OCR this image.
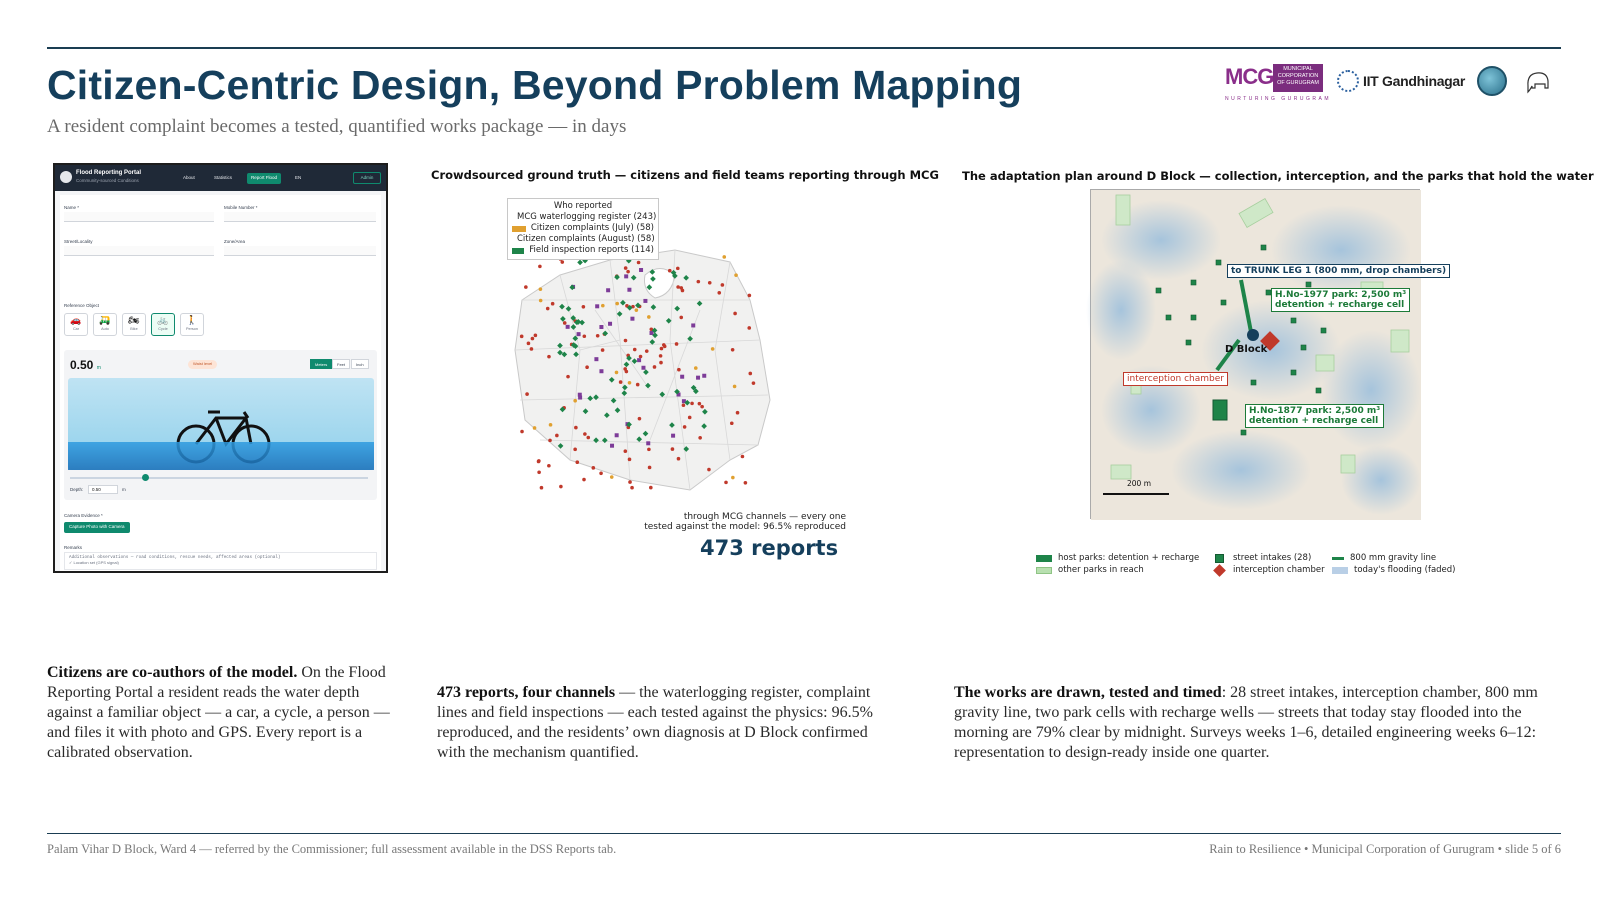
Citizen-Centric Design, Beyond Problem Mapping
A resident complaint becomes a tested, quantified works package — in days
MCG	MUNICIPAL CORPORATION OF GURUGRAM
NURTURING GURUGRAM
IIT Gandhinagar
Flood Reporting Portal
Community-sourced Conditions
About	Statistics	Report Flood	EN	Admin
Name *	Mobile Number *
Street/Locality	Zone/Area
Reference Object
🚗
Car
🛺
Auto
🏍
Bike
🚲
Cycle
🚶
Person
0.50 m
Waist level	Meters	Feet	Inch
Depth:	0.50	m
Camera Evidence *
Capture Photo with Camera
Remarks
Additional observations — road conditions, rescue needs, affected areas (optional)
✓ Location set (GPS signal)
Crowdsourced ground truth — citizens and field teams reporting through MCG
Who reported
MCG waterlogging register (243)
Citizen complaints (July) (58)
Citizen complaints (August) (58)
Field inspection reports (114)
through MCG channels — every one
tested against the model: 96.5% reproduced
473 reports
The adaptation plan around D Block — collection, interception, and the parks that hold the water
to TRUNK LEG 1 (800 mm, drop chambers)
H.No-1977 park: 2,500 m³
detention + recharge cell
D Block
interception chamber
H.No-1877 park: 2,500 m³
detention + recharge cell
200 m
host parks: detention + recharge
other parks in reach
street intakes (28)
interception chamber
800 mm gravity line
today's flooding (faded)
Citizens are co-authors of the model. On the Flood Reporting Portal a resident reads the water depth against a familiar object — a car, a cycle, a person — and files it with photo and GPS. Every report is a calibrated observation.
473 reports, four channels — the waterlogging register, complaint lines and field inspections — each tested against the physics: 96.5% reproduced, and the residents’ own diagnosis at D Block confirmed with the mechanism quantified.
The works are drawn, tested and timed: 28 street intakes, interception chamber, 800 mm gravity line, two park cells with recharge wells — streets that today stay flooded into the morning are 79% clear by midnight. Surveys weeks 1–6, detailed engineering weeks 6–12: representation to design-ready inside one quarter.
Palam Vihar D Block, Ward 4 — referred by the Commissioner; full assessment available in the DSS Reports tab.	Rain to Resilience • Municipal Corporation of Gurugram • slide 5 of 6
